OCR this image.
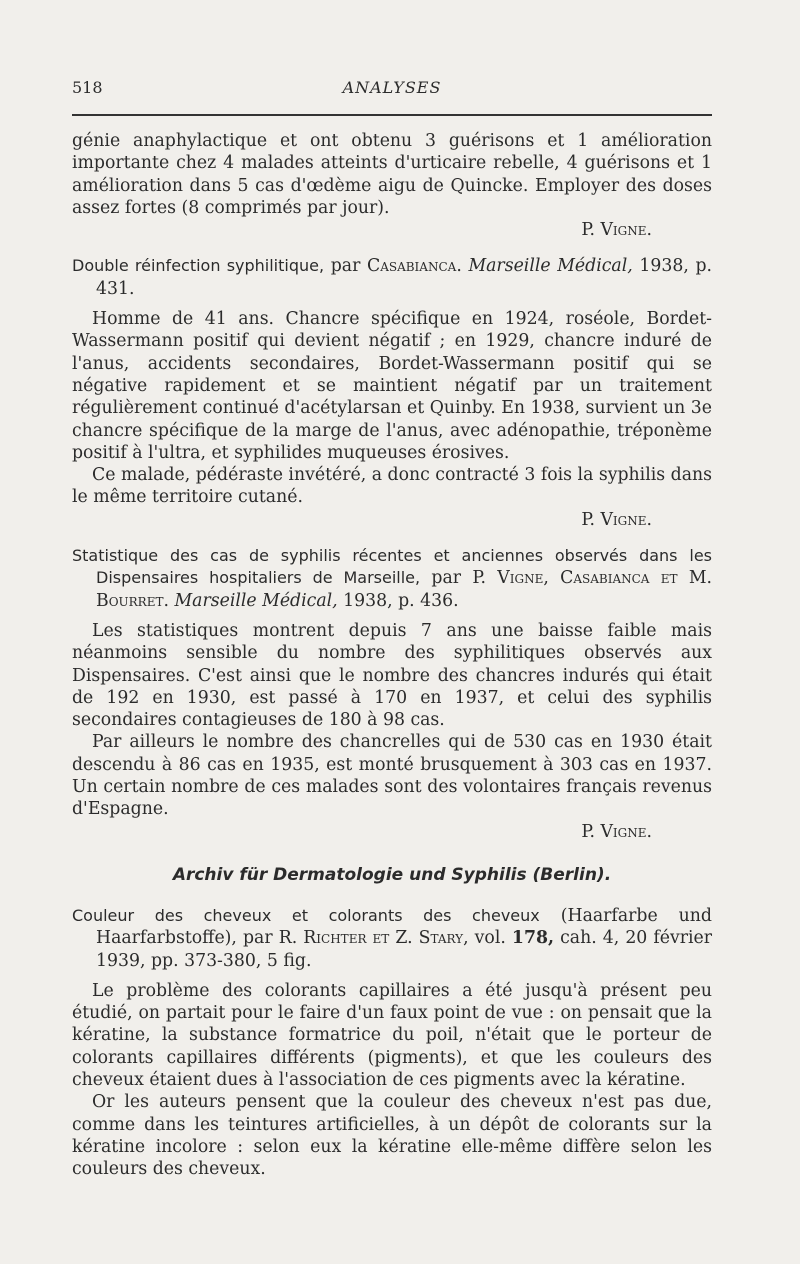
518	ANALYSES

génie anaphylactique et ont obtenu 3 guérisons et 1 amélioration importante chez 4 malades atteints d'urticaire rebelle, 4 guérisons et 1 amélioration dans 5 cas d'œdème aigu de Quincke. Employer des doses assez fortes (8 comprimés par jour).

P. Vigne.

Double réinfection syphilitique, par Casabianca. Marseille Médical, 1938, p. 431.

Homme de 41 ans. Chancre spécifique en 1924, roséole, Bordet-Wassermann positif qui devient négatif ; en 1929, chancre induré de l'anus, accidents secondaires, Bordet-Wassermann positif qui se négative rapidement et se maintient négatif par un traitement régulièrement continué d'acétylarsan et Quinby. En 1938, survient un 3e chancre spécifique de la marge de l'anus, avec adénopathie, tréponème positif à l'ultra, et syphilides muqueuses érosives.

Ce malade, pédéraste invétéré, a donc contracté 3 fois la syphilis dans le même territoire cutané.

P. Vigne.

Statistique des cas de syphilis récentes et anciennes observés dans les Dispensaires hospitaliers de Marseille, par P. Vigne, Casabianca et M. Bourret. Marseille Médical, 1938, p. 436.

Les statistiques montrent depuis 7 ans une baisse faible mais néanmoins sensible du nombre des syphilitiques observés aux Dispensaires. C'est ainsi que le nombre des chancres indurés qui était de 192 en 1930, est passé à 170 en 1937, et celui des syphilis secondaires contagieuses de 180 à 98 cas.

Par ailleurs le nombre des chancrelles qui de 530 cas en 1930 était descendu à 86 cas en 1935, est monté brusquement à 303 cas en 1937. Un certain nombre de ces malades sont des volontaires français revenus d'Espagne.

P. Vigne.

Archiv für Dermatologie und Syphilis (Berlin).

Couleur des cheveux et colorants des cheveux (Haarfarbe und Haarfarbstoffe), par R. Richter et Z. Stary, vol. 178, cah. 4, 20 février 1939, pp. 373-380, 5 fig.

Le problème des colorants capillaires a été jusqu'à présent peu étudié, on partait pour le faire d'un faux point de vue : on pensait que la kératine, la substance formatrice du poil, n'était que le porteur de colorants capillaires différents (pigments), et que les couleurs des cheveux étaient dues à l'association de ces pigments avec la kératine.

Or les auteurs pensent que la couleur des cheveux n'est pas due, comme dans les teintures artificielles, à un dépôt de colorants sur la kératine incolore : selon eux la kératine elle-même diffère selon les couleurs des cheveux.
